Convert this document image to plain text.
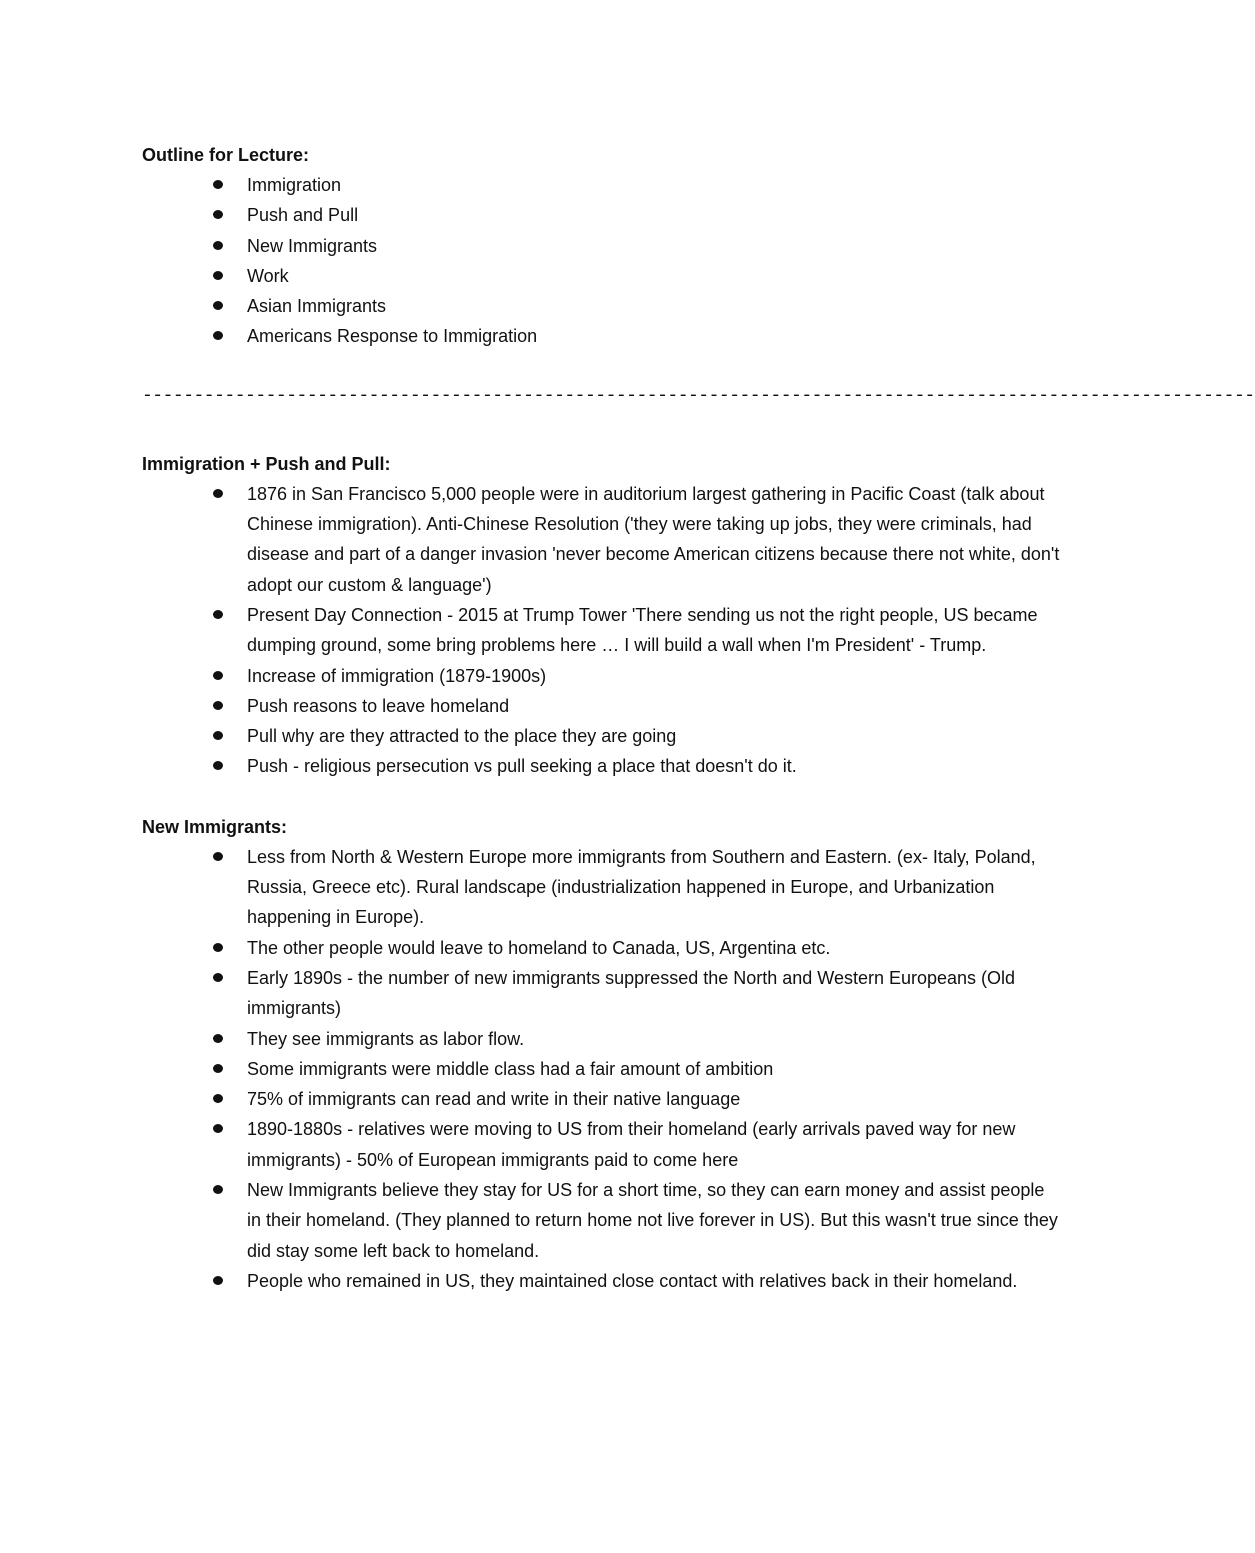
Outline for Lecture:

Immigration
Push and Pull
New Immigrants
Work
Asian Immigrants
Americans Response to Immigration
------------------------------------------------------------------------------------------------------------

Immigration + Push and Pull:

1876 in San Francisco 5,000 people were in auditorium largest gathering in Pacific Coast (talk about Chinese immigration). Anti-Chinese Resolution ('they were taking up jobs, they were criminals, had disease and part of a danger invasion 'never become American citizens because there not white, don't adopt our custom & language')
Present Day Connection - 2015 at Trump Tower 'There sending us not the right people, US became dumping ground, some bring problems here … I will build a wall when I'm President' - Trump.
Increase of immigration (1879-1900s)
Push reasons to leave homeland
Pull why are they attracted to the place they are going
Push - religious persecution vs pull seeking a place that doesn't do it.

New Immigrants:

Less from North & Western Europe more immigrants from Southern and Eastern. (ex- Italy, Poland, Russia, Greece etc). Rural landscape (industrialization happened in Europe, and Urbanization happening in Europe).
The other people would leave to homeland to Canada, US, Argentina etc.
Early 1890s - the number of new immigrants suppressed the North and Western Europeans (Old immigrants)
They see immigrants as labor flow.
Some immigrants were middle class had a fair amount of ambition
75% of immigrants can read and write in their native language
1890-1880s - relatives were moving to US from their homeland (early arrivals paved way for new immigrants) - 50% of European immigrants paid to come here
New Immigrants believe they stay for US for a short time, so they can earn money and assist people in their homeland. (They planned to return home not live forever in US). But this wasn't true since they did stay some left back to homeland.
People who remained in US, they maintained close contact with relatives back in their homeland.
